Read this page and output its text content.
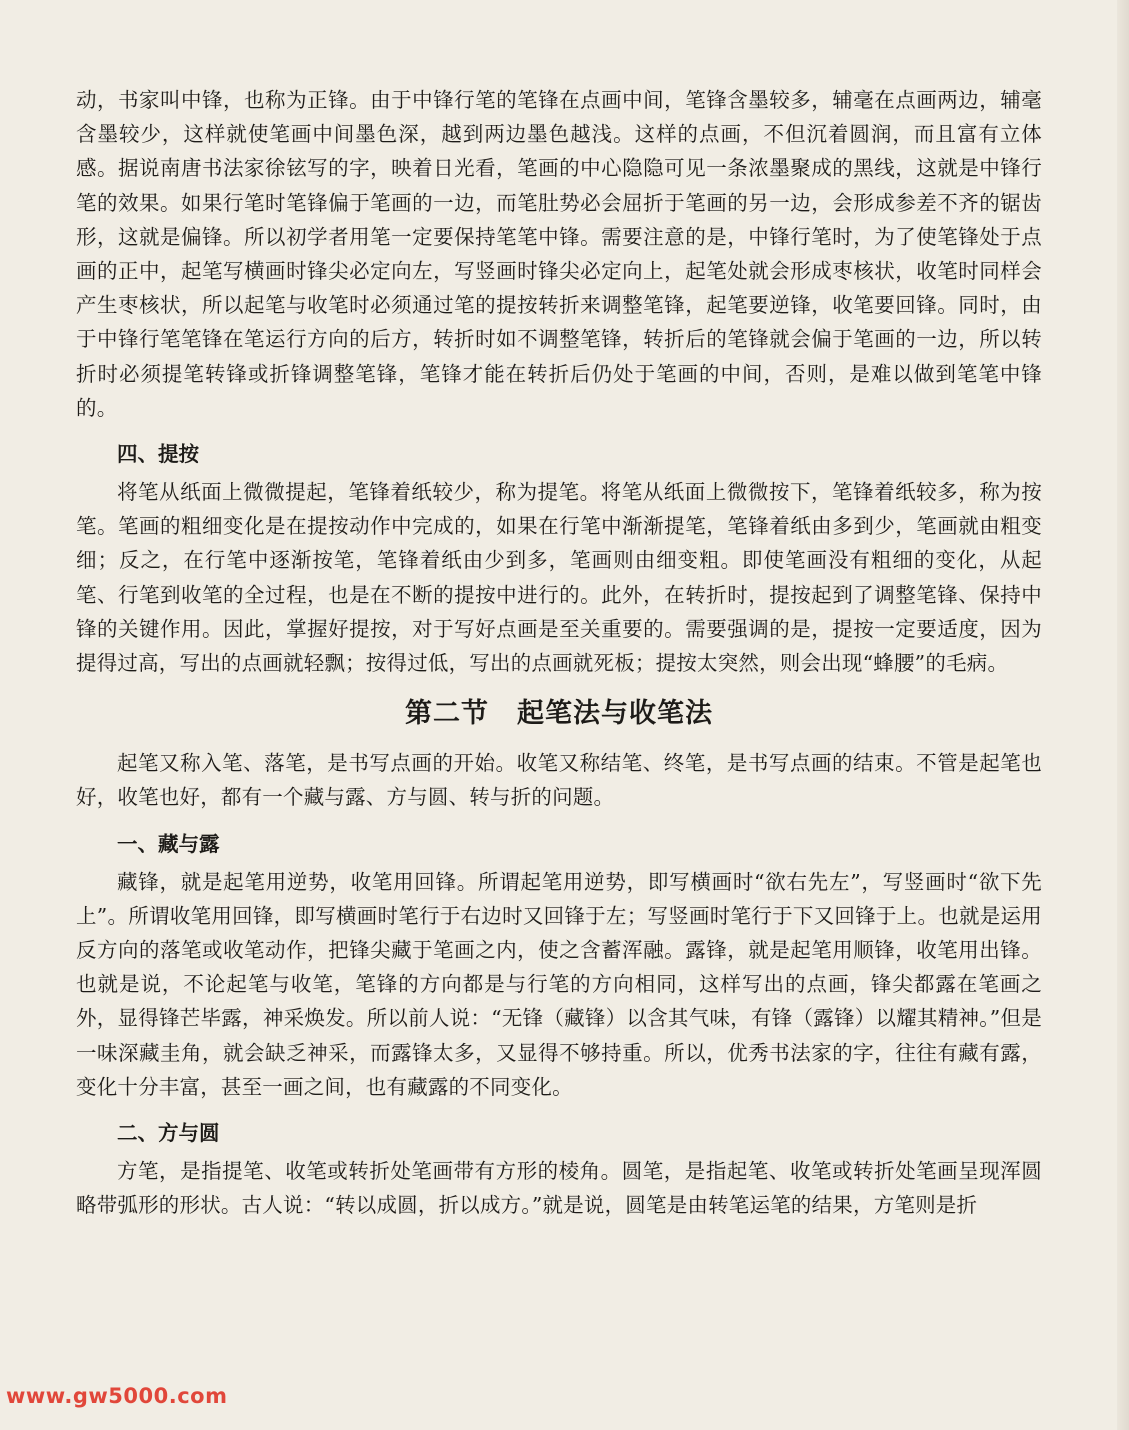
动，书家叫中锋，也称为正锋。由于中锋行笔的笔锋在点画中间，笔锋含墨较多，辅毫在点画两边，辅毫含墨较少，这样就使笔画中间墨色深，越到两边墨色越浅。这样的点画，不但沉着圆润，而且富有立体感。据说南唐书法家徐铉写的字，映着日光看，笔画的中心隐隐可见一条浓墨聚成的黑线，这就是中锋行笔的效果。如果行笔时笔锋偏于笔画的一边，而笔肚势必会屈折于笔画的另一边，会形成参差不齐的锯齿形，这就是偏锋。所以初学者用笔一定要保持笔笔中锋。需要注意的是，中锋行笔时，为了使笔锋处于点画的正中，起笔写横画时锋尖必定向左，写竖画时锋尖必定向上，起笔处就会形成枣核状，收笔时同样会产生枣核状，所以起笔与收笔时必须通过笔的提按转折来调整笔锋，起笔要逆锋，收笔要回锋。同时，由于中锋行笔笔锋在笔运行方向的后方，转折时如不调整笔锋，转折后的笔锋就会偏于笔画的一边，所以转折时必须提笔转锋或折锋调整笔锋，笔锋才能在转折后仍处于笔画的中间，否则，是难以做到笔笔中锋的。

四、提按

将笔从纸面上微微提起，笔锋着纸较少，称为提笔。将笔从纸面上微微按下，笔锋着纸较多，称为按笔。笔画的粗细变化是在提按动作中完成的，如果在行笔中渐渐提笔，笔锋着纸由多到少，笔画就由粗变细；反之，在行笔中逐渐按笔，笔锋着纸由少到多，笔画则由细变粗。即使笔画没有粗细的变化，从起笔、行笔到收笔的全过程，也是在不断的提按中进行的。此外，在转折时，提按起到了调整笔锋、保持中锋的关键作用。因此，掌握好提按，对于写好点画是至关重要的。需要强调的是，提按一定要适度，因为提得过高，写出的点画就轻飘；按得过低，写出的点画就死板；提按太突然，则会出现“蜂腰”的毛病。

第二节　起笔法与收笔法

起笔又称入笔、落笔，是书写点画的开始。收笔又称结笔、终笔，是书写点画的结束。不管是起笔也好，收笔也好，都有一个藏与露、方与圆、转与折的问题。

一、藏与露

藏锋，就是起笔用逆势，收笔用回锋。所谓起笔用逆势，即写横画时“欲右先左”，写竖画时“欲下先上”。所谓收笔用回锋，即写横画时笔行于右边时又回锋于左；写竖画时笔行于下又回锋于上。也就是运用反方向的落笔或收笔动作，把锋尖藏于笔画之内，使之含蓄浑融。露锋，就是起笔用顺锋，收笔用出锋。也就是说，不论起笔与收笔，笔锋的方向都是与行笔的方向相同，这样写出的点画，锋尖都露在笔画之外，显得锋芒毕露，神采焕发。所以前人说：“无锋（藏锋）以含其气味，有锋（露锋）以耀其精神。”但是一味深藏圭角，就会缺乏神采，而露锋太多，又显得不够持重。所以，优秀书法家的字，往往有藏有露，变化十分丰富，甚至一画之间，也有藏露的不同变化。

二、方与圆

方笔，是指提笔、收笔或转折处笔画带有方形的棱角。圆笔，是指起笔、收笔或转折处笔画呈现浑圆略带弧形的形状。古人说：“转以成圆，折以成方。”就是说，圆笔是由转笔运笔的结果，方笔则是折

www.gw5000.com
